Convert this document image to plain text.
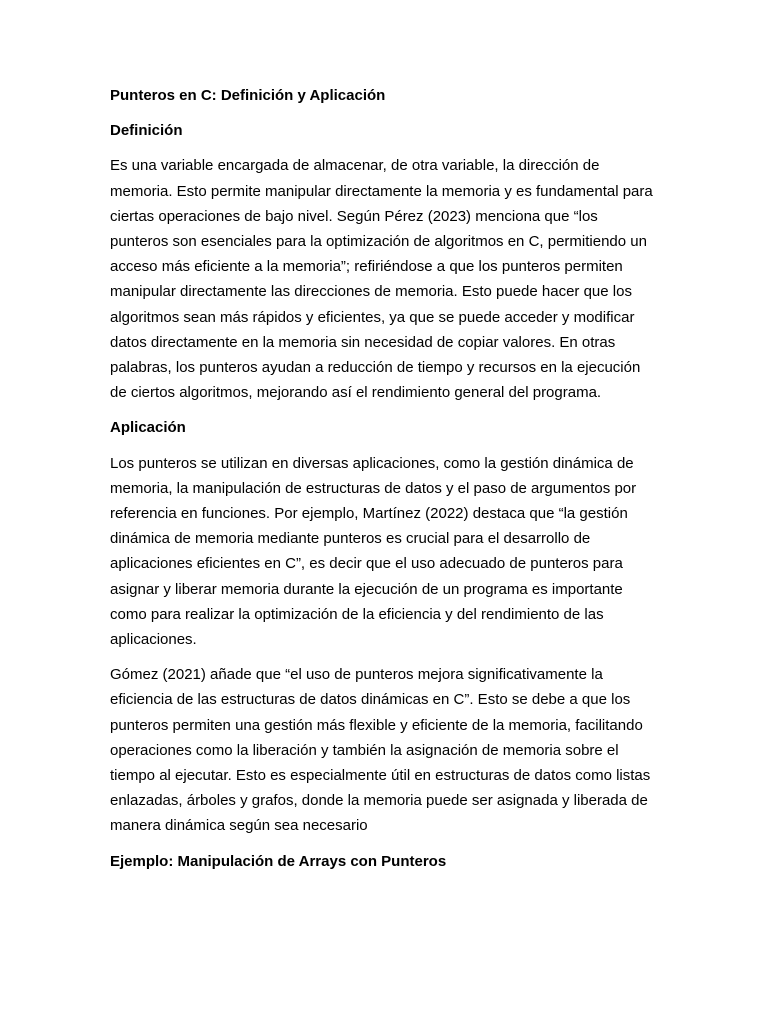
Punteros en C: Definición y Aplicación

Definición

Es una variable encargada de almacenar, de otra variable, la dirección de memoria. Esto permite manipular directamente la memoria y es fundamental para ciertas operaciones de bajo nivel. Según Pérez (2023) menciona que “los punteros son esenciales para la optimización de algoritmos en C, permitiendo un acceso más eficiente a la memoria”; refiriéndose a que los punteros permiten manipular directamente las direcciones de memoria. Esto puede hacer que los algoritmos sean más rápidos y eficientes, ya que se puede acceder y modificar datos directamente en la memoria sin necesidad de copiar valores. En otras palabras, los punteros ayudan a reducción de tiempo y recursos en la ejecución de ciertos algoritmos, mejorando así el rendimiento general del programa.

Aplicación

Los punteros se utilizan en diversas aplicaciones, como la gestión dinámica de memoria, la manipulación de estructuras de datos y el paso de argumentos por referencia en funciones. Por ejemplo, Martínez (2022) destaca que “la gestión dinámica de memoria mediante punteros es crucial para el desarrollo de aplicaciones eficientes en C”, es decir que el uso adecuado de punteros para asignar y liberar memoria durante la ejecución de un programa es importante como para realizar la optimización de la eficiencia y del rendimiento de las aplicaciones.

Gómez (2021) añade que “el uso de punteros mejora significativamente la eficiencia de las estructuras de datos dinámicas en C”. Esto se debe a que los punteros permiten una gestión más flexible y eficiente de la memoria, facilitando operaciones como la liberación y también la asignación de memoria sobre el tiempo al ejecutar. Esto es especialmente útil en estructuras de datos como listas enlazadas, árboles y grafos, donde la memoria puede ser asignada y liberada de manera dinámica según sea necesario

Ejemplo: Manipulación de Arrays con Punteros
